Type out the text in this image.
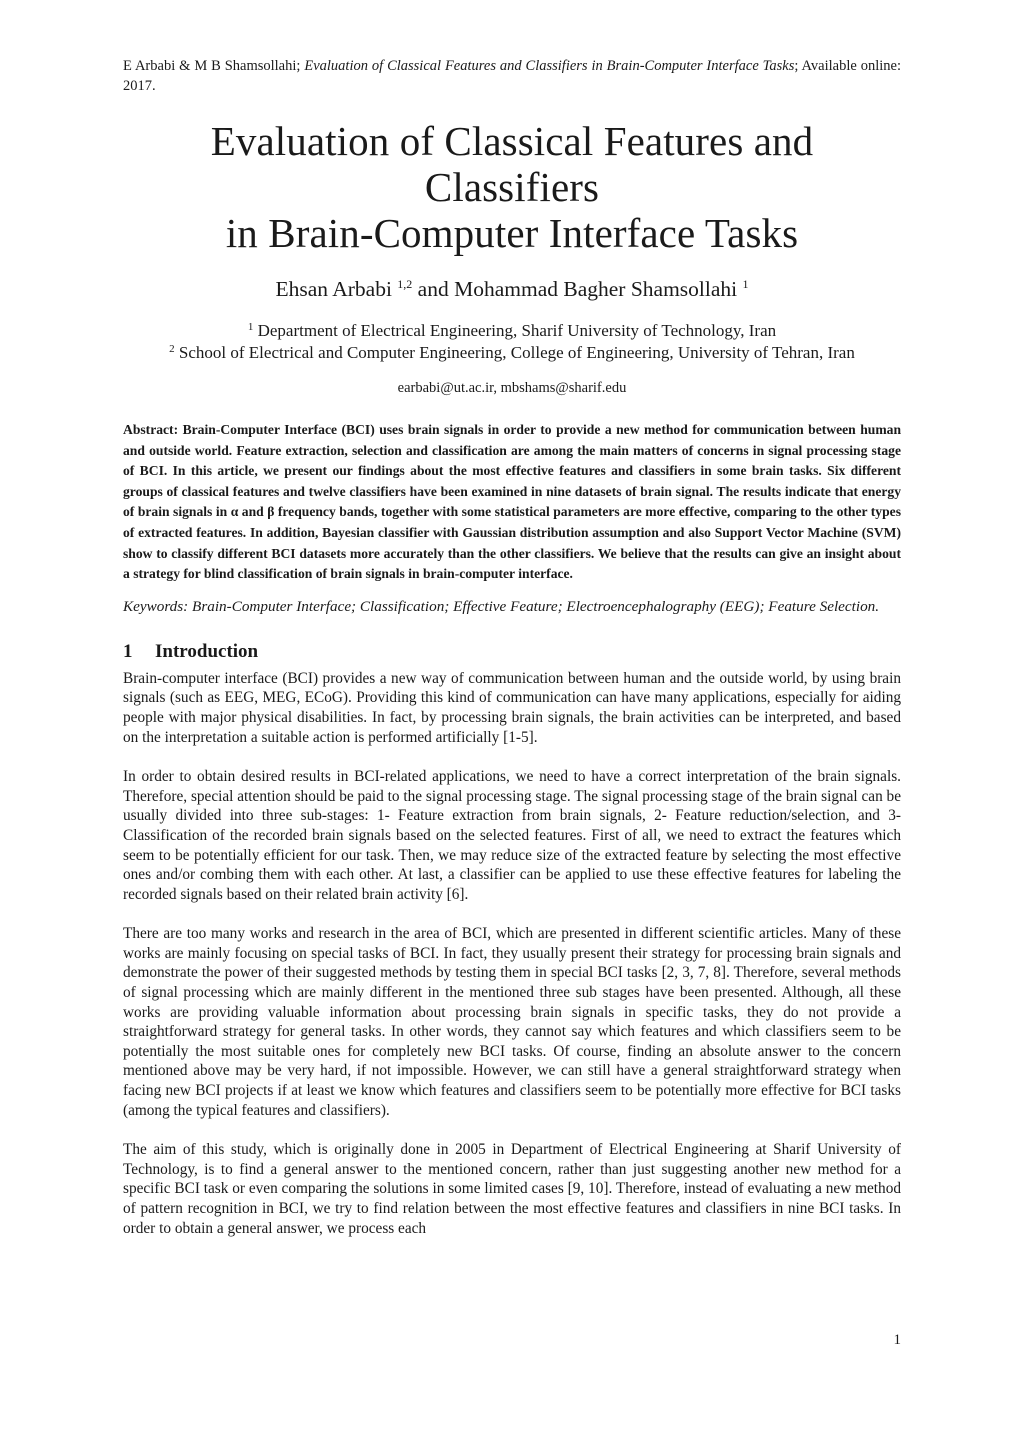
E Arbabi & M B Shamsollahi; Evaluation of Classical Features and Classifiers in Brain-Computer Interface Tasks; Available online: 2017.
Evaluation of Classical Features and Classifiers
in Brain-Computer Interface Tasks
Ehsan Arbabi $^{1,2}$ and Mohammad Bagher Shamsollahi $^1$
$^1$ Department of Electrical Engineering, Sharif University of Technology, Iran
$^2$ School of Electrical and Computer Engineering, College of Engineering, University of Tehran, Iran
earbabi@ut.ac.ir, mbshams@sharif.edu
Abstract: Brain-Computer Interface (BCI) uses brain signals in order to provide a new method for communication between human and outside world. Feature extraction, selection and classification are among the main matters of concerns in signal processing stage of BCI. In this article, we present our findings about the most effective features and classifiers in some brain tasks. Six different groups of classical features and twelve classifiers have been examined in nine datasets of brain signal. The results indicate that energy of brain signals in α and β frequency bands, together with some statistical parameters are more effective, comparing to the other types of extracted features. In addition, Bayesian classifier with Gaussian distribution assumption and also Support Vector Machine (SVM) show to classify different BCI datasets more accurately than the other classifiers. We believe that the results can give an insight about a strategy for blind classification of brain signals in brain-computer interface.
Keywords: Brain-Computer Interface; Classification; Effective Feature; Electroencephalography (EEG); Feature Selection.
1 Introduction

Brain-computer interface (BCI) provides a new way of communication between human and the outside world, by using brain signals (such as EEG, MEG, ECoG). Providing this kind of communication can have many applications, especially for aiding people with major physical disabilities. In fact, by processing brain signals, the brain activities can be interpreted, and based on the interpretation a suitable action is performed artificially [1-5].

In order to obtain desired results in BCI-related applications, we need to have a correct interpretation of the brain signals. Therefore, special attention should be paid to the signal processing stage. The signal processing stage of the brain signal can be usually divided into three sub-stages: 1- Feature extraction from brain signals, 2- Feature reduction/selection, and 3- Classification of the recorded brain signals based on the selected features. First of all, we need to extract the features which seem to be potentially efficient for our task. Then, we may reduce size of the extracted feature by selecting the most effective ones and/or combing them with each other. At last, a classifier can be applied to use these effective features for labeling the recorded signals based on their related brain activity [6].

There are too many works and research in the area of BCI, which are presented in different scientific articles. Many of these works are mainly focusing on special tasks of BCI. In fact, they usually present their strategy for processing brain signals and demonstrate the power of their suggested methods by testing them in special BCI tasks [2, 3, 7, 8]. Therefore, several methods of signal processing which are mainly different in the mentioned three sub stages have been presented. Although, all these works are providing valuable information about processing brain signals in specific tasks, they do not provide a straightforward strategy for general tasks. In other words, they cannot say which features and which classifiers seem to be potentially the most suitable ones for completely new BCI tasks. Of course, finding an absolute answer to the concern mentioned above may be very hard, if not impossible. However, we can still have a general straightforward strategy when facing new BCI projects if at least we know which features and classifiers seem to be potentially more effective for BCI tasks (among the typical features and classifiers).

The aim of this study, which is originally done in 2005 in Department of Electrical Engineering at Sharif University of Technology, is to find a general answer to the mentioned concern, rather than just suggesting another new method for a specific BCI task or even comparing the solutions in some limited cases [9, 10]. Therefore, instead of evaluating a new method of pattern recognition in BCI, we try to find relation between the most effective features and classifiers in nine BCI tasks. In order to obtain a general answer, we process each

1
